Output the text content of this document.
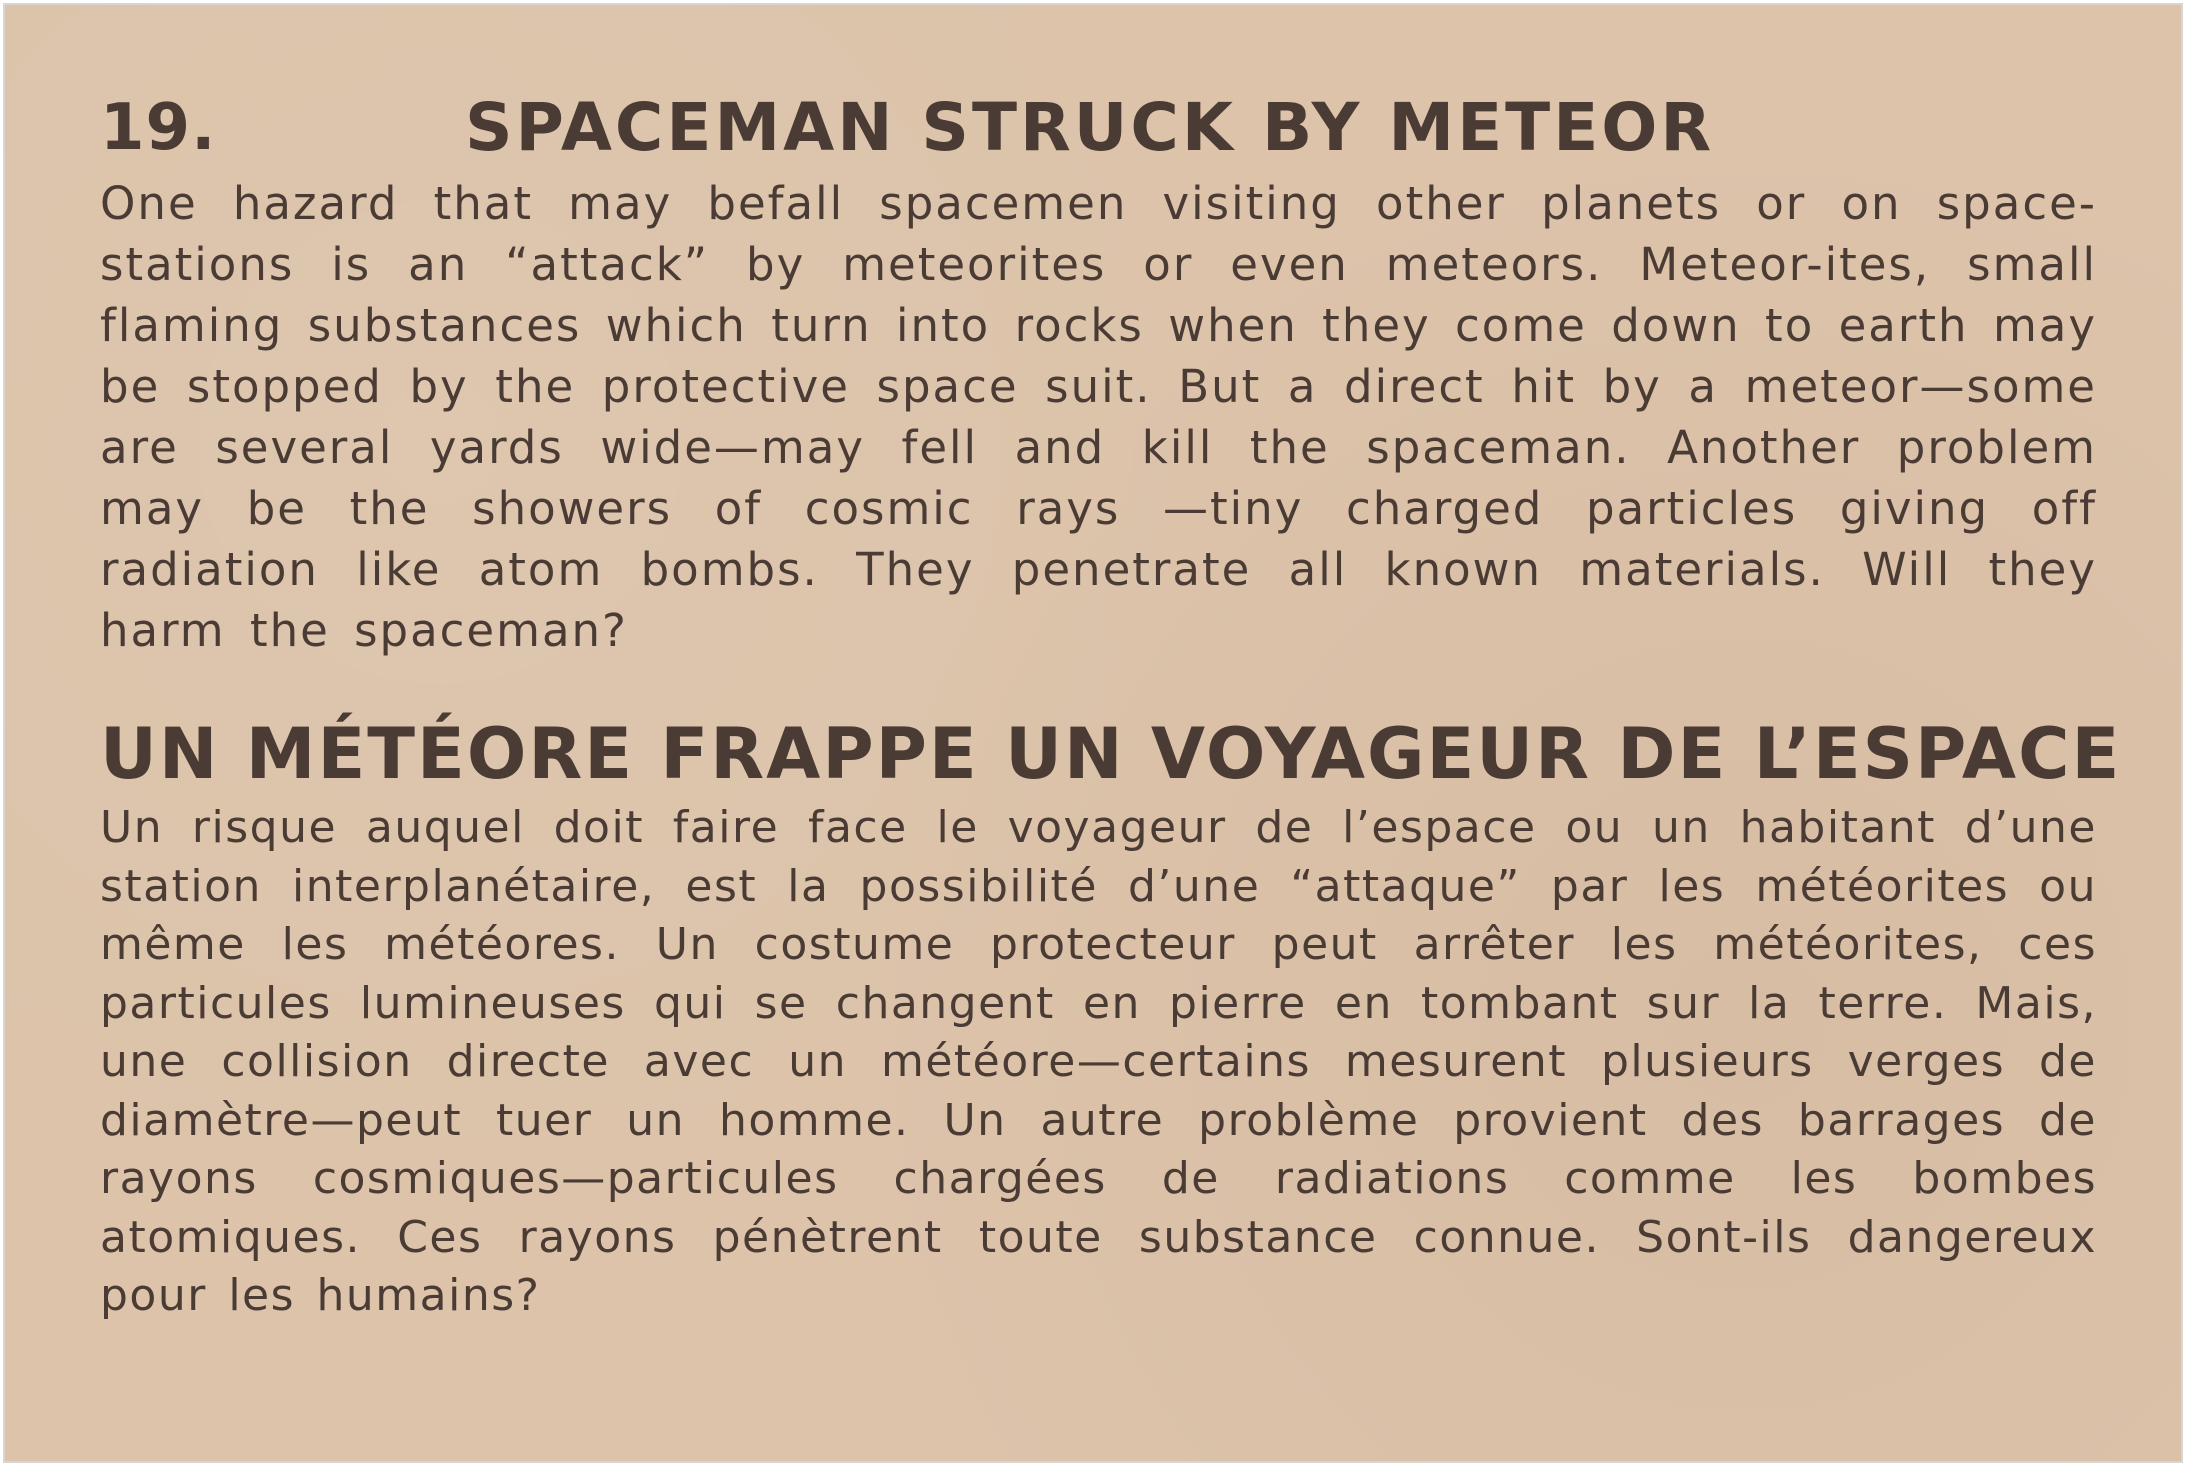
19.	SPACEMAN STRUCK BY METEOR

One hazard that may befall spacemen visiting other planets or on space-stations is an “attack” by meteorites or even meteors. Meteor-ites, small flaming substances which turn into rocks when they come down to earth may be stopped by the protective space suit. But a direct hit by a meteor—some are several yards wide—may fell and kill the spaceman. Another problem may be the showers of cosmic rays —tiny charged particles giving off radiation like atom bombs. They penetrate all known materials. Will they harm the spaceman?

UN MÉTÉORE FRAPPE UN VOYAGEUR DE L’ESPACE

Un risque auquel doit faire face le voyageur de l’espace ou un habitant d’une station interplanétaire, est la possibilité d’une “attaque” par les météorites ou même les météores. Un costume protecteur peut arrêter les météorites, ces particules lumineuses qui se changent en pierre en tombant sur la terre. Mais, une collision directe avec un météore—certains mesurent plusieurs verges de diamètre—peut tuer un homme. Un autre problème provient des barrages de rayons cosmiques—particules chargées de radiations comme les bombes atomiques. Ces rayons pénètrent toute substance connue. Sont-ils dangereux pour les humains?
